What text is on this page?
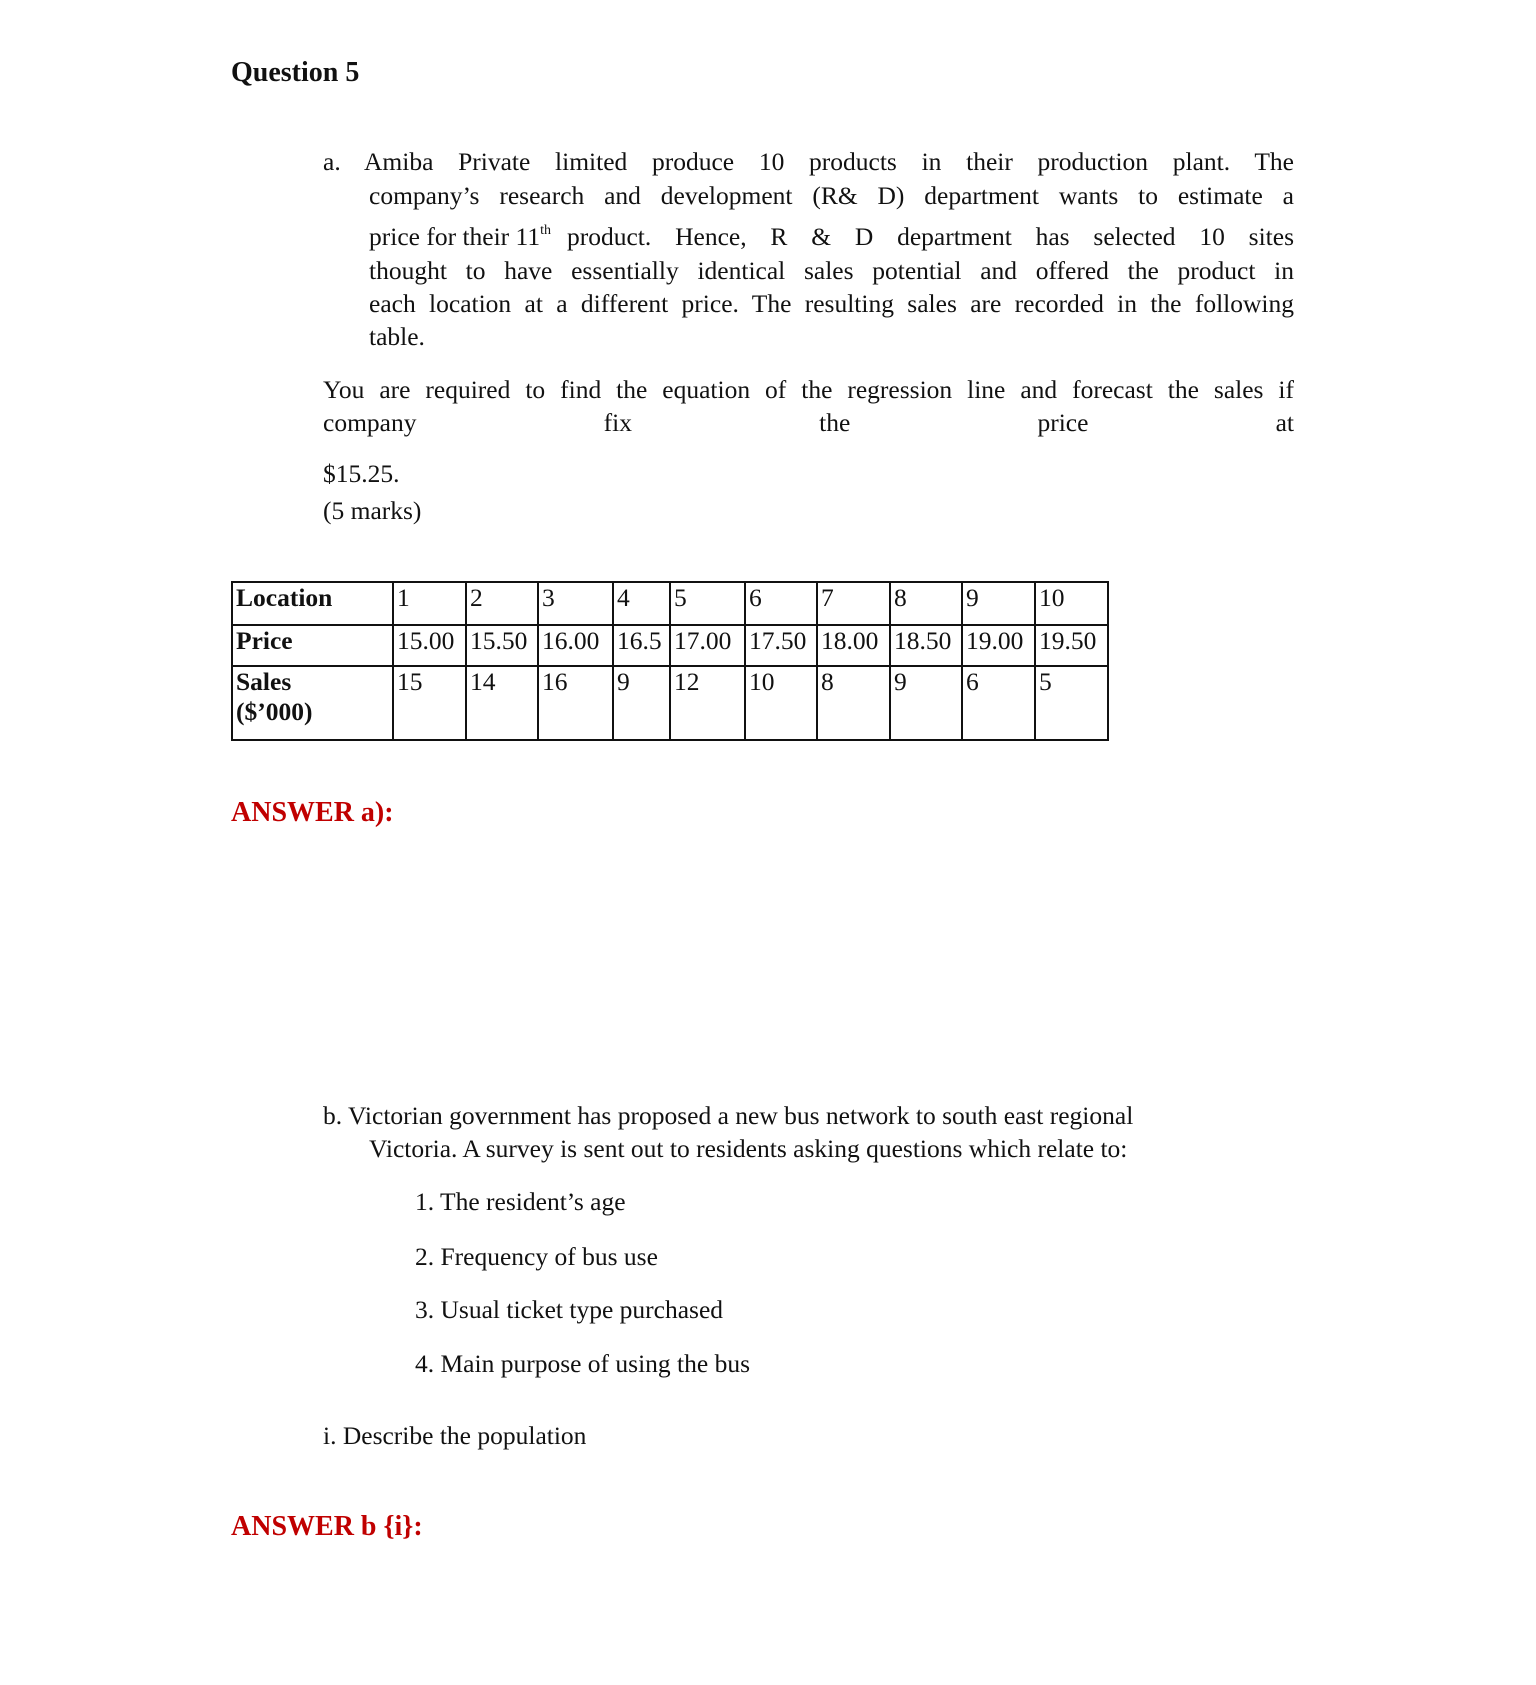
Question 5
a. Amiba Private limited produce 10 products in their production plant. The
company’s research and development (R& D) department wants to estimate a
price for their 11th product. Hence, R & D department has selected 10 sites
thought to have essentially identical sales potential and offered the product in
each location at a different price. The resulting sales are recorded in the following
table.
You are required to find the equation of the regression line and forecast the sales if
company fix the price at
$15.25.
(5 marks)
Location	1	2	3	4	5	6	7	8	9	10
Price	15.00	15.50	16.00	16.5	17.00	17.50	18.00	18.50	19.00	19.50
Sales
($’000)	15	14	16	9	12	10	8	9	6	5
ANSWER a):
b. Victorian government has proposed a new bus network to south east regional
Victoria. A survey is sent out to residents asking questions which relate to:
1. The resident’s age
2. Frequency of bus use
3. Usual ticket type purchased
4. Main purpose of using the bus
i. Describe the population
ANSWER b {i}:
